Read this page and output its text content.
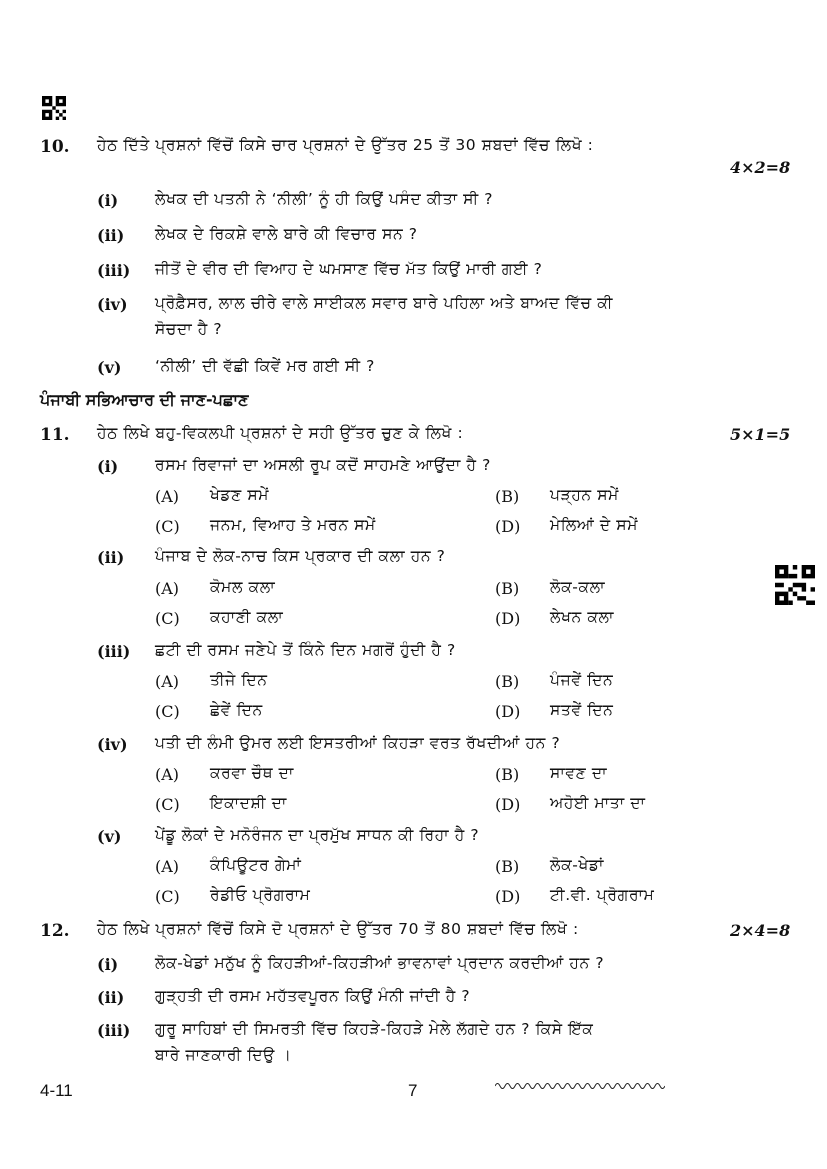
10. ਹੇਠ ਦਿੱਤੇ ਪ੍ਰਸ਼ਨਾਂ ਵਿੱਚੋਂ ਕਿਸੇ ਚਾਰ ਪ੍ਰਸ਼ਨਾਂ ਦੇ ਉੱਤਰ 25 ਤੋਂ 30 ਸ਼ਬਦਾਂ ਵਿੱਚ ਲਿਖੋ :
4×2=8
(i) ਲੇਖਕ ਦੀ ਪਤਨੀ ਨੇ ‘ਨੀਲੀ’ ਨੂੰ ਹੀ ਕਿਉਂ ਪਸੰਦ ਕੀਤਾ ਸੀ ?
(ii) ਲੇਖਕ ਦੇ ਰਿਕਸ਼ੇ ਵਾਲੇ ਬਾਰੇ ਕੀ ਵਿਚਾਰ ਸਨ ?
(iii) ਜੀਤੋਂ ਦੇ ਵੀਰ ਦੀ ਵਿਆਹ ਦੇ ਘਮਸਾਣ ਵਿੱਚ ਮੱਤ ਕਿਉਂ ਮਾਰੀ ਗਈ ?
(iv) ਪ੍ਰੋਫ਼ੈਸਰ, ਲਾਲ ਚੀਰੇ ਵਾਲੇ ਸਾਈਕਲ ਸਵਾਰ ਬਾਰੇ ਪਹਿਲਾ ਅਤੇ ਬਾਅਦ ਵਿੱਚ ਕੀ
ਸੋਚਦਾ ਹੈ ?
(v) ‘ਨੀਲੀ’ ਦੀ ਵੱਛੀ ਕਿਵੇਂ ਮਰ ਗਈ ਸੀ ?
ਪੰਜਾਬੀ ਸਭਿਆਚਾਰ ਦੀ ਜਾਣ-ਪਛਾਣ
11. ਹੇਠ ਲਿਖੇ ਬਹੁ-ਵਿਕਲਪੀ ਪ੍ਰਸ਼ਨਾਂ ਦੇ ਸਹੀ ਉੱਤਰ ਚੁਣ ਕੇ ਲਿਖੋ :	5×1=5
(i) ਰਸਮ ਰਿਵਾਜਾਂ ਦਾ ਅਸਲੀ ਰੂਪ ਕਦੋਂ ਸਾਹਮਣੇ ਆਉਂਦਾ ਹੈ ?
(A) ਖੇਡਣ ਸਮੇਂ	(B) ਪੜ੍ਹਨ ਸਮੇਂ
(C) ਜਨਮ, ਵਿਆਹ ਤੇ ਮਰਨ ਸਮੇਂ	(D) ਮੇਲਿਆਂ ਦੇ ਸਮੇਂ
(ii) ਪੰਜਾਬ ਦੇ ਲੋਕ-ਨਾਚ ਕਿਸ ਪ੍ਰਕਾਰ ਦੀ ਕਲਾ ਹਨ ?
(A) ਕੋਮਲ ਕਲਾ	(B) ਲੋਕ-ਕਲਾ
(C) ਕਹਾਣੀ ਕਲਾ	(D) ਲੇਖਨ ਕਲਾ
(iii) ਛਟੀ ਦੀ ਰਸਮ ਜਣੇਪੇ ਤੋਂ ਕਿੰਨੇ ਦਿਨ ਮਗਰੋਂ ਹੁੰਦੀ ਹੈ ?
(A) ਤੀਜੇ ਦਿਨ	(B) ਪੰਜਵੇਂ ਦਿਨ
(C) ਛੇਵੇਂ ਦਿਨ	(D) ਸਤਵੇਂ ਦਿਨ
(iv) ਪਤੀ ਦੀ ਲੰਮੀ ਉਮਰ ਲਈ ਇਸਤਰੀਆਂ ਕਿਹੜਾ ਵਰਤ ਰੱਖਦੀਆਂ ਹਨ ?
(A) ਕਰਵਾ ਚੌਥ ਦਾ	(B) ਸਾਵਣ ਦਾ
(C) ਇਕਾਦਸ਼ੀ ਦਾ	(D) ਅਹੋਈ ਮਾਤਾ ਦਾ
(v) ਪੇਂਡੂ ਲੋਕਾਂ ਦੇ ਮਨੋਰੰਜਨ ਦਾ ਪ੍ਰਮੁੱਖ ਸਾਧਨ ਕੀ ਰਿਹਾ ਹੈ ?
(A) ਕੰਪਿਊਟਰ ਗੇਮਾਂ	(B) ਲੋਕ-ਖੇਡਾਂ
(C) ਰੇਡੀਓ ਪ੍ਰੋਗਰਾਮ	(D) ਟੀ.ਵੀ. ਪ੍ਰੋਗਰਾਮ
12. ਹੇਠ ਲਿਖੇ ਪ੍ਰਸ਼ਨਾਂ ਵਿੱਚੋਂ ਕਿਸੇ ਦੋ ਪ੍ਰਸ਼ਨਾਂ ਦੇ ਉੱਤਰ 70 ਤੋਂ 80 ਸ਼ਬਦਾਂ ਵਿੱਚ ਲਿਖੋ :	2×4=8
(i) ਲੋਕ-ਖੇਡਾਂ ਮਨੁੱਖ ਨੂੰ ਕਿਹੜੀਆਂ-ਕਿਹੜੀਆਂ ਭਾਵਨਾਵਾਂ ਪ੍ਰਦਾਨ ਕਰਦੀਆਂ ਹਨ ?
(ii) ਗੁੜ੍ਹਤੀ ਦੀ ਰਸਮ ਮਹੱਤਵਪੂਰਨ ਕਿਉਂ ਮੰਨੀ ਜਾਂਦੀ ਹੈ ?
(iii) ਗੁਰੂ ਸਾਹਿਬਾਂ ਦੀ ਸਿਮਰਤੀ ਵਿੱਚ ਕਿਹੜੇ-ਕਿਹੜੇ ਮੇਲੇ ਲੱਗਦੇ ਹਨ ? ਕਿਸੇ ਇੱਕ
ਬਾਰੇ ਜਾਣਕਾਰੀ ਦਿਉ ।
4-11	7
